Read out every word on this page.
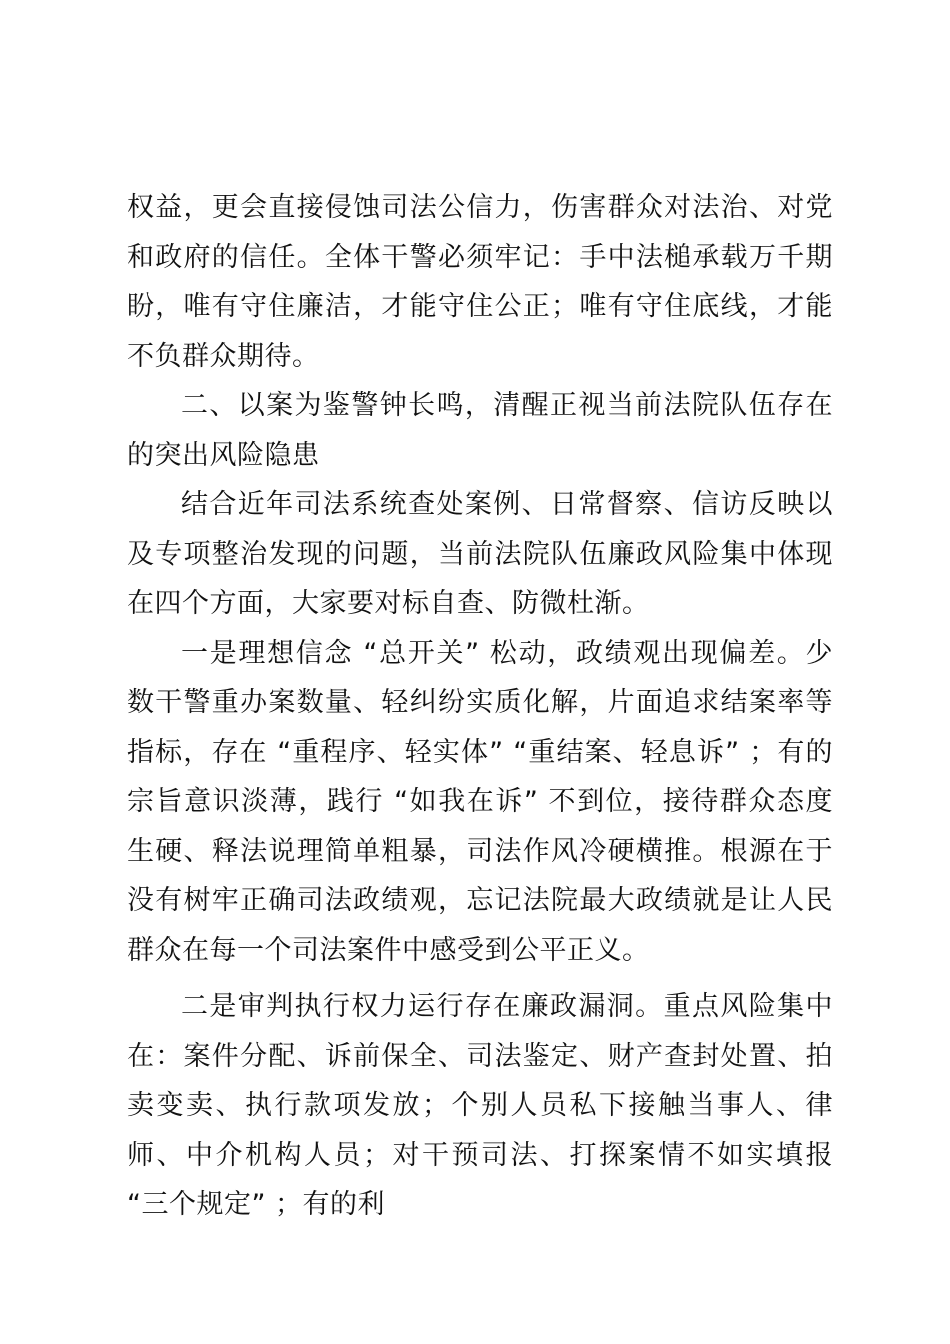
权益，更会直接侵蚀司法公信力，伤害群众对法治、对党和政府的信任。全体干警必须牢记：手中法槌承载万千期盼，唯有守住廉洁，才能守住公正；唯有守住底线，才能不负群众期待。

二、以案为鉴警钟长鸣，清醒正视当前法院队伍存在的突出风险隐患

结合近年司法系统查处案例、日常督察、信访反映以及专项整治发现的问题，当前法院队伍廉政风险集中体现在四个方面，大家要对标自查、防微杜渐。

一是理想信念 “总开关” 松动，政绩观出现偏差。少数干警重办案数量、轻纠纷实质化解，片面追求结案率等指标，存在 “重程序、轻实体” “重结案、轻息诉” ；有的宗旨意识淡薄，践行 “如我在诉” 不到位，接待群众态度生硬、释法说理简单粗暴，司法作风冷硬横推。根源在于没有树牢正确司法政绩观，忘记法院最大政绩就是让人民群众在每一个司法案件中感受到公平正义。

二是审判执行权力运行存在廉政漏洞。重点风险集中在：案件分配、诉前保全、司法鉴定、财产查封处置、拍卖变卖、执行款项发放；个别人员私下接触当事人、律师、中介机构人员；对干预司法、打探案情不如实填报 “三个规定” ；有的利
